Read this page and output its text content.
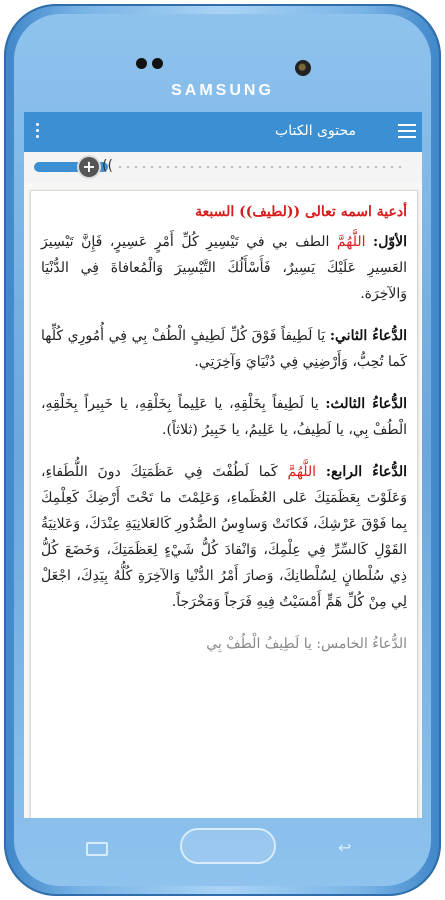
SAMSUNG
محتوى الكتاب
+ ((
أدعية اسمه تعالى ((لطيف)) السبعة
الأوّل: اللَّهُمَّ الطف بي في تَيْسِيرِ كُلِّ أَمْرٍ عَسِيرٍ، فَإِنَّ تَيْسِيرَ العَسِيرِ عَلَيْكَ يَسِيرٌ، فَأَسْأَلُكَ التَّيْسِيرَ وَالْمُعافاةَ فِي الدُّنْيَا وَالآخِرَة.
الدُّعاءُ الثاني: يَا لَطِيفاً فَوْقَ كُلِّ لَطِيفٍ الْطُفْ بِي فِي أُمُورِي كُلِّها كَما تُحِبُّ، وَأَرْضِنِي فِي دُنْيَايَ وَآخِرَتِي.
الدُّعاءُ الثالث: يا لَطِيفاً بِخَلْقِهِ، يا عَلِيماً بِخَلْقِهِ، يا خَبِيراً بِخَلْقِهِ، الْطُفْ بِي، يا لَطِيفُ، يا عَلِيمُ، يا خَبِيرُ (ثلاثاً).
الدُّعاءُ الرابع: اللَّهُمَّ كَما لَطُفْتَ فِي عَظَمَتِكَ دونَ اللُّطَفاءِ، وَعَلَوْتَ بِعَظَمَتِكَ عَلى العُظَماءِ، وَعَلِمْتَ ما تَحْتَ أَرْضِكَ كَعِلْمِكَ بِما فَوْقَ عَرْشِكَ، فَكانَتْ وَساوِسُ الصُّدُورِ كَالعَلانِيَةِ عِنْدَكَ، وَعَلانِيَةُ القَوْلِ كَالسِّرِّ فِي عِلْمِكَ، وَانْقادَ كُلُّ شَيْءٍ لِعَظَمَتِكَ، وَخَضَعَ كُلُّ ذِي سُلْطانٍ لِسُلْطانِكَ، وَصارَ أَمْرُ الدُّنْيا وَالآخِرَةِ كُلُّهُ بِيَدِكَ، اجْعَلْ لِي مِنْ كُلِّ هَمٍّ أَمْسَيْتُ فِيهِ فَرَجاً وَمَخْرَجاً.
الدُّعاءُ الخامس: يا لَطِيفُ الْطُفْ بِي
↩
